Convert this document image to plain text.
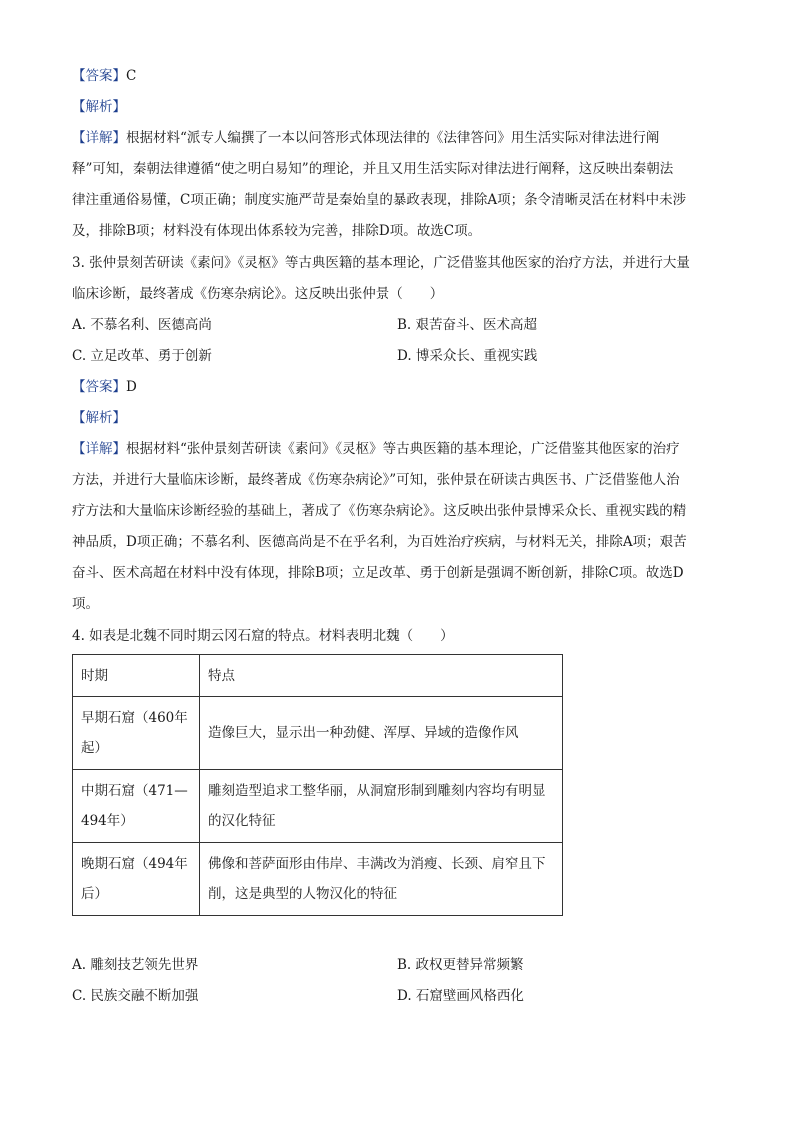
【答案】C
【解析】
【详解】根据材料“派专人编撰了一本以问答形式体现法律的《法律答问》用生活实际对律法进行阐
释”可知，秦朝法律遵循“使之明白易知”的理论，并且又用生活实际对律法进行阐释，这反映出秦朝法
律注重通俗易懂，C项正确；制度实施严苛是秦始皇的暴政表现，排除A项；条令清晰灵活在材料中未涉
及，排除B项；材料没有体现出体系较为完善，排除D项。故选C项。
3. 张仲景刻苦研读《素问》《灵枢》等古典医籍的基本理论，广泛借鉴其他医家的治疗方法，并进行大量
临床诊断，最终著成《伤寒杂病论》。这反映出张仲景（　　）
A. 不慕名利、医德高尚	B. 艰苦奋斗、医术高超
C. 立足改革、勇于创新	D. 博采众长、重视实践
【答案】D
【解析】
【详解】根据材料“张仲景刻苦研读《素问》《灵枢》等古典医籍的基本理论，广泛借鉴其他医家的治疗
方法，并进行大量临床诊断，最终著成《伤寒杂病论》”可知，张仲景在研读古典医书、广泛借鉴他人治
疗方法和大量临床诊断经验的基础上，著成了《伤寒杂病论》。这反映出张仲景博采众长、重视实践的精
神品质，D项正确；不慕名利、医德高尚是不在乎名利，为百姓治疗疾病，与材料无关，排除A项；艰苦
奋斗、医术高超在材料中没有体现，排除B项；立足改革、勇于创新是强调不断创新，排除C项。故选D
项。
4. 如表是北魏不同时期云冈石窟的特点。材料表明北魏（　　）
时期	特点
早期石窟（460年起）	造像巨大，显示出一种劲健、浑厚、异域的造像作风
中期石窟（471—494年）	雕刻造型追求工整华丽，从洞窟形制到雕刻内容均有明显的汉化特征
晚期石窟（494年后）	佛像和菩萨面形由伟岸、丰满改为消瘦、长颈、肩窄且下削，这是典型的人物汉化的特征
A. 雕刻技艺领先世界	B. 政权更替异常频繁
C. 民族交融不断加强	D. 石窟壁画风格西化
